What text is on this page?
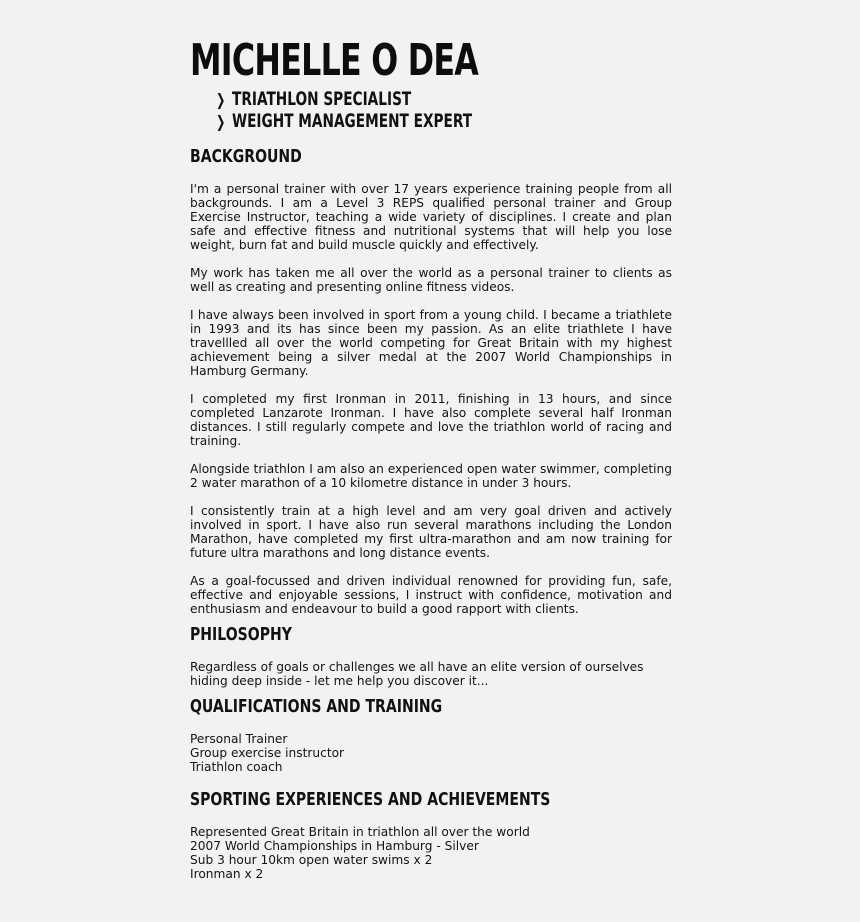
MICHELLE O DEA
❯ TRIATHLON SPECIALIST
❯ WEIGHT MANAGEMENT EXPERT
BACKGROUND

I'm a personal trainer with over 17 years experience training people from all backgrounds. I am a Level 3 REPS qualified personal trainer and Group Exercise Instructor, teaching a wide variety of disciplines. I create and plan safe and effective fitness and nutritional systems that will help you lose weight, burn fat and build muscle quickly and effectively.

My work has taken me all over the world as a personal trainer to clients as well as creating and presenting online fitness videos.

I have always been involved in sport from a young child. I became a triathlete in 1993 and its has since been my passion. As an elite triathlete I have travellled all over the world competing for Great Britain with my highest achievement being a silver medal at the 2007 World Championships in Hamburg Germany.

I completed my first Ironman in 2011, finishing in 13 hours, and since completed Lanzarote Ironman. I have also complete several half Ironman distances. I still regularly compete and love the triathlon world of racing and training.

Alongside triathlon I am also an experienced open water swimmer, completing 2 water marathon of a 10 kilometre distance in under 3 hours.

I consistently train at a high level and am very goal driven and actively involved in sport. I have also run several marathons including the London Marathon, have completed my first ultra-marathon and am now training for future ultra marathons and long distance events.

As a goal-focussed and driven individual renowned for providing fun, safe, effective and enjoyable sessions, I instruct with confidence, motivation and enthusiasm and endeavour to build a good rapport with clients.

PHILOSOPHY

Regardless of goals or challenges we all have an elite version of ourselves hiding deep inside - let me help you discover it...

QUALIFICATIONS AND TRAINING
Personal Trainer
Group exercise instructor
Triathlon coach
SPORTING EXPERIENCES AND ACHIEVEMENTS
Represented Great Britain in triathlon all over the world
2007 World Championships in Hamburg - Silver
Sub 3 hour 10km open water swims x 2
Ironman x 2
